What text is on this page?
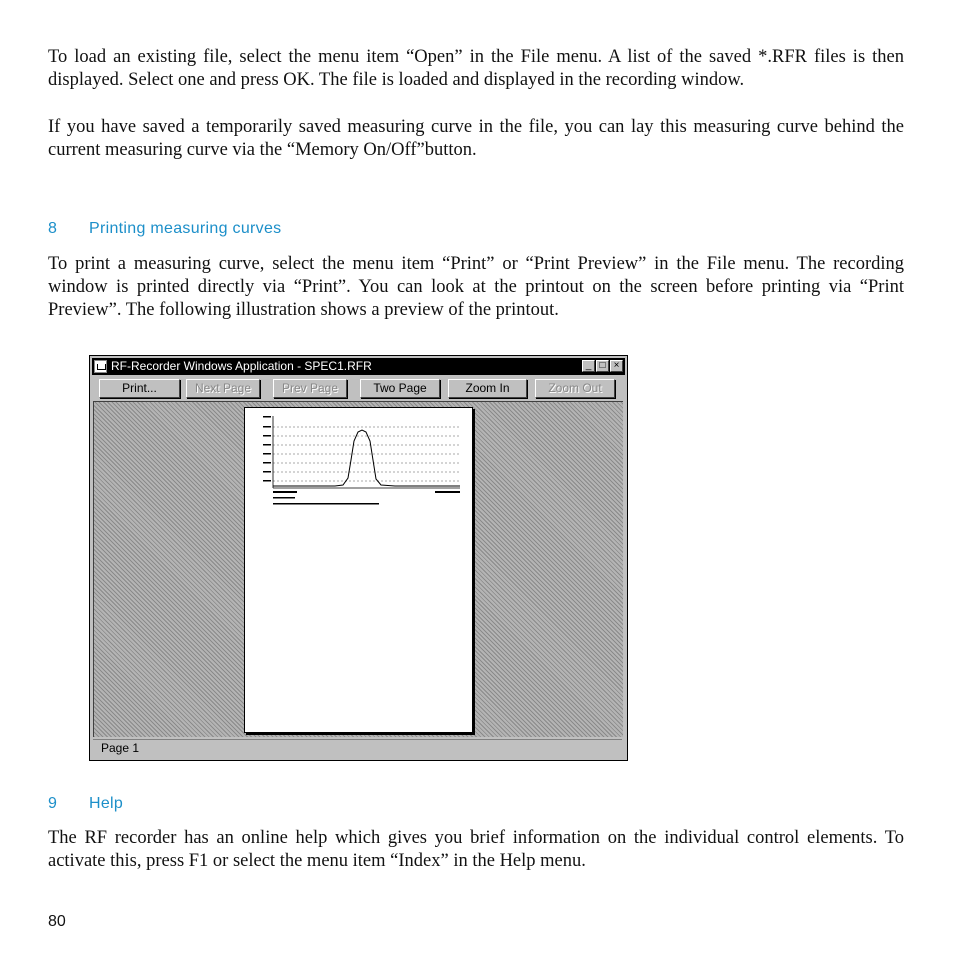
To load an existing file, select the menu item “Open” in the File menu. A list of the saved *.RFR files is then displayed. Select one and press OK. The file is loaded and displayed in the recording window.

If you have saved a temporarily saved measuring curve in the file, you can lay this measuring curve behind the current measuring curve via the “Memory On/Off”button.

8 Printing measuring curves

To print a measuring curve, select the menu item “Print” or “Print Preview” in the File menu. The recording window is printed directly via “Print”. You can look at the printout on the screen before printing via “Print Preview”. The following illustration shows a preview of the printout.

RF-Recorder Windows Application - SPEC1.RFR	_ □ ×
Print...	Next Page	Prev Page	Two Page	Zoom In	Zoom Out
Page 1
9 Help

The RF recorder has an online help which gives you brief information on the individual control elements. To activate this, press F1 or select the menu item “Index” in the Help menu.

80
